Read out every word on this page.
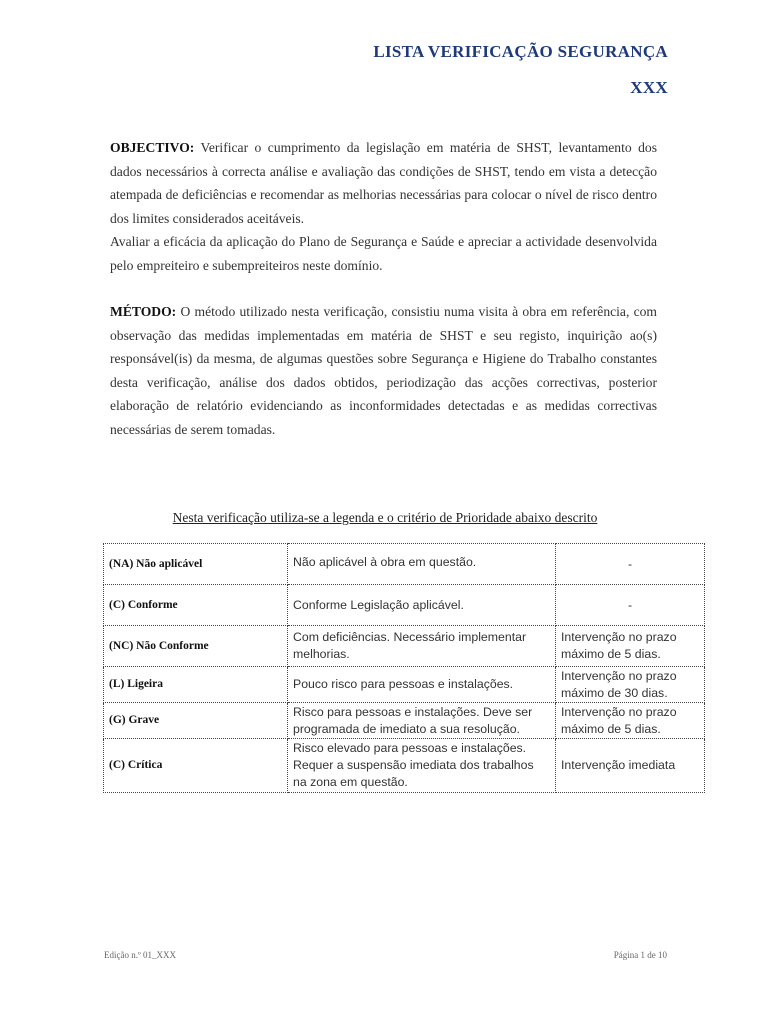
LISTA VERIFICAÇÃO SEGURANÇA
XXX

OBJECTIVO: Verificar o cumprimento da legislação em matéria de SHST, levantamento dos dados necessários à correcta análise e avaliação das condições de SHST, tendo em vista a detecção atempada de deficiências e recomendar as melhorias necessárias para colocar o nível de risco dentro dos limites considerados aceitáveis.

Avaliar a eficácia da aplicação do Plano de Segurança e Saúde e apreciar a actividade desenvolvida pelo empreiteiro e subempreiteiros neste domínio.

MÉTODO: O método utilizado nesta verificação, consistiu numa visita à obra em referência, com observação das medidas implementadas em matéria de SHST e seu registo, inquirição ao(s) responsável(is) da mesma, de algumas questões sobre Segurança e Higiene do Trabalho constantes desta verificação, análise dos dados obtidos, periodização das acções correctivas, posterior elaboração de relatório evidenciando as inconformidades detectadas e as medidas correctivas necessárias de serem tomadas.

Nesta verificação utiliza-se a legenda e o critério de Prioridade abaixo descrito
(NA) Não aplicável	Não aplicável à obra em questão.	-
(C) Conforme	Conforme Legislação aplicável.	-
(NC) Não Conforme	Com deficiências. Necessário implementar melhorias.	Intervenção no prazo máximo de 5 dias.
(L) Ligeira	Pouco risco para pessoas e instalações.	Intervenção no prazo máximo de 30 dias.
(G) Grave	Risco para pessoas e instalações. Deve ser programada de imediato a sua resolução.	Intervenção no prazo máximo de 5 dias.
(C) Crítica	Risco elevado para pessoas e instalações. Requer a suspensão imediata dos trabalhos na zona em questão.	Intervenção imediata
Edição n.º 01_XXX	Página 1 de 10
